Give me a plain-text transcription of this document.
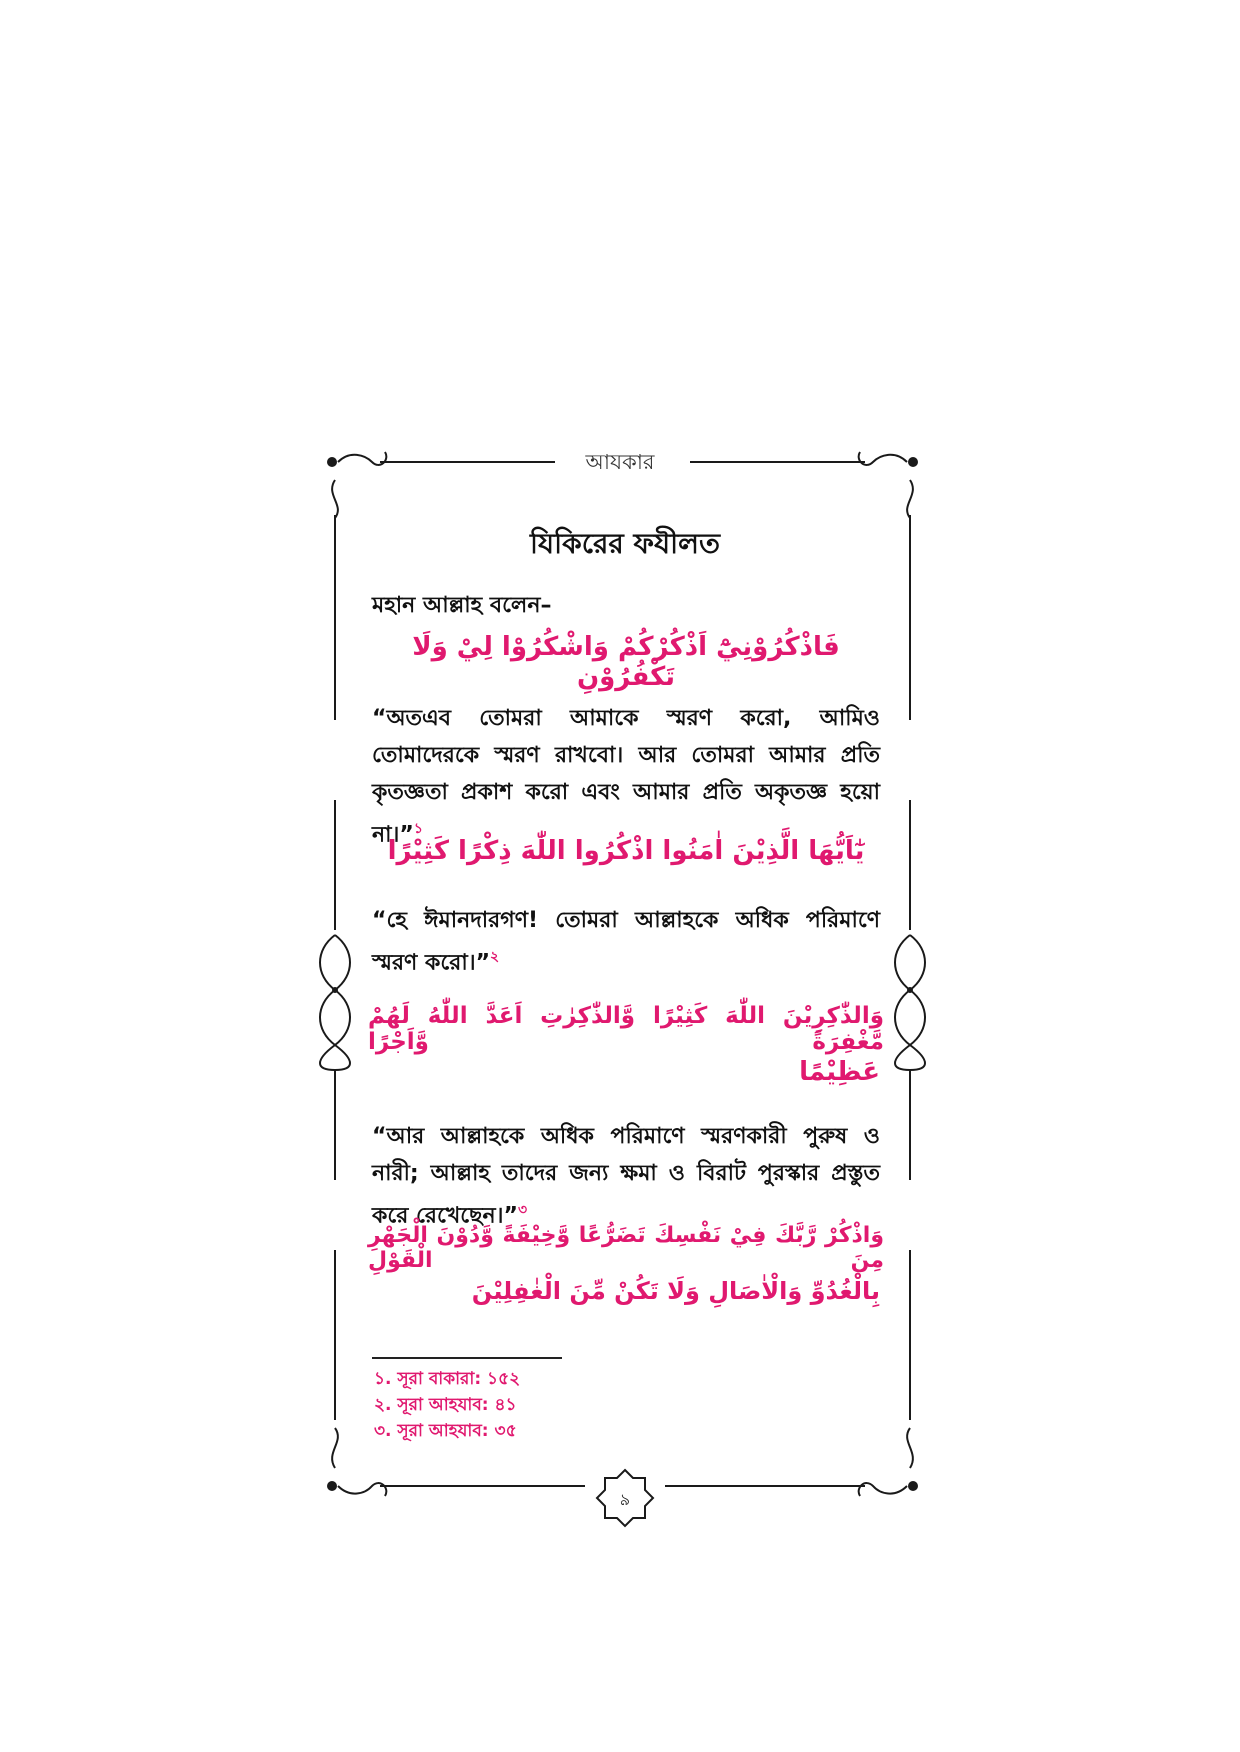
আযকার
যিকিরের ফযীলত
মহান আল্লাহ বলেন–
فَاذْكُرُوْنِيْٓ اَذْكُرْكُمْ وَاشْكُرُوْا لِيْ وَلَا تَكْفُرُوْنِ
“অতএব তোমরা আমাকে স্মরণ করো, আমিও তোমাদেরকে স্মরণ রাখবো। আর তোমরা আমার প্রতি কৃতজ্ঞতা প্রকাশ করো এবং আমার প্রতি অকৃতজ্ঞ হয়ো না।”$^১$
يٰٓاَيُّهَا الَّذِيْنَ اٰمَنُوا اذْكُرُوا اللّٰهَ ذِكْرًا كَثِيْرًا
“হে ঈমানদারগণ! তোমরা আল্লাহকে অধিক পরিমাণে স্মরণ করো।”$^২$
وَالذّٰكِرِيْنَ اللّٰهَ كَثِيْرًا وَّالذّٰكِرٰتِ اَعَدَّ اللّٰهُ لَهُمْ مَّغْفِرَةً وَّاَجْرًا
عَظِيْمًا
“আর আল্লাহকে অধিক পরিমাণে স্মরণকারী পুরুষ ও নারী; আল্লাহ তাদের জন্য ক্ষমা ও বিরাট পুরস্কার প্রস্তুত করে রেখেছেন।”$^৩$
وَاذْكُرْ رَّبَّكَ فِيْ نَفْسِكَ تَضَرُّعًا وَّخِيْفَةً وَّدُوْنَ الْجَهْرِ مِنَ الْقَوْلِ
بِالْغُدُوِّ وَالْاٰصَالِ وَلَا تَكُنْ مِّنَ الْغٰفِلِيْنَ
১. সূরা বাকারা: ১৫২
২. সূরা আহযাব: ৪১
৩. সূরা আহযাব: ৩৫
৯
